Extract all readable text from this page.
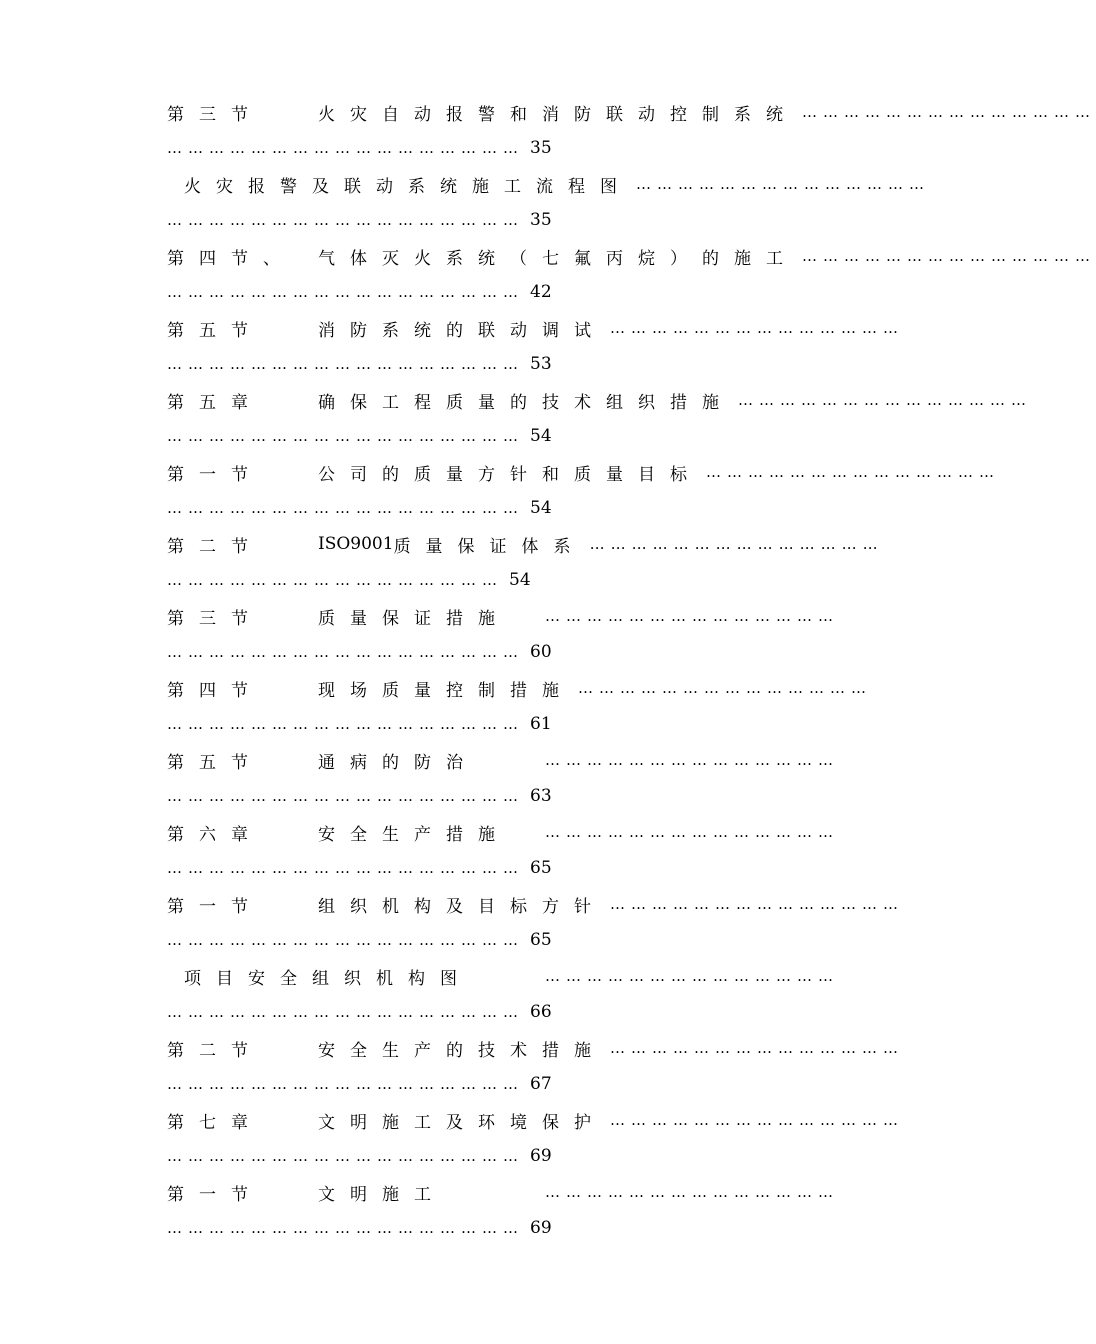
第三节	火灾自动报警和消防联动控制系统 ……………………………………
…………………………………………… 35
火灾报警及联动系统施工流程图 ……………………………………
…………………………………………… 35
第四节、	气体灭火系统（七氟丙烷）的施工 ……………………………………
…………………………………………… 42
第五节	消防系统的联动调试 ……………………………………
…………………………………………… 53
第五章	确保工程质量的技术组织措施 ……………………………………
…………………………………………… 54
第一节	公司的质量方针和质量目标 ……………………………………
…………………………………………… 54
第二节	ISO9001 质量保证体系 ……………………………………
………………………………………… 54
第三节	质量保证措施	……………………………………
…………………………………………… 60
第四节	现场质量控制措施 ……………………………………
…………………………………………… 61
第五节	通病的防治	……………………………………
…………………………………………… 63
第六章	安全生产措施	……………………………………
…………………………………………… 65
第一节	组织机构及目标方针 ……………………………………
…………………………………………… 65
项目安全组织机构图	……………………………………
…………………………………………… 66
第二节	安全生产的技术措施 ……………………………………
…………………………………………… 67
第七章	文明施工及环境保护 ……………………………………
…………………………………………… 69
第一节	文明施工	……………………………………
…………………………………………… 69
